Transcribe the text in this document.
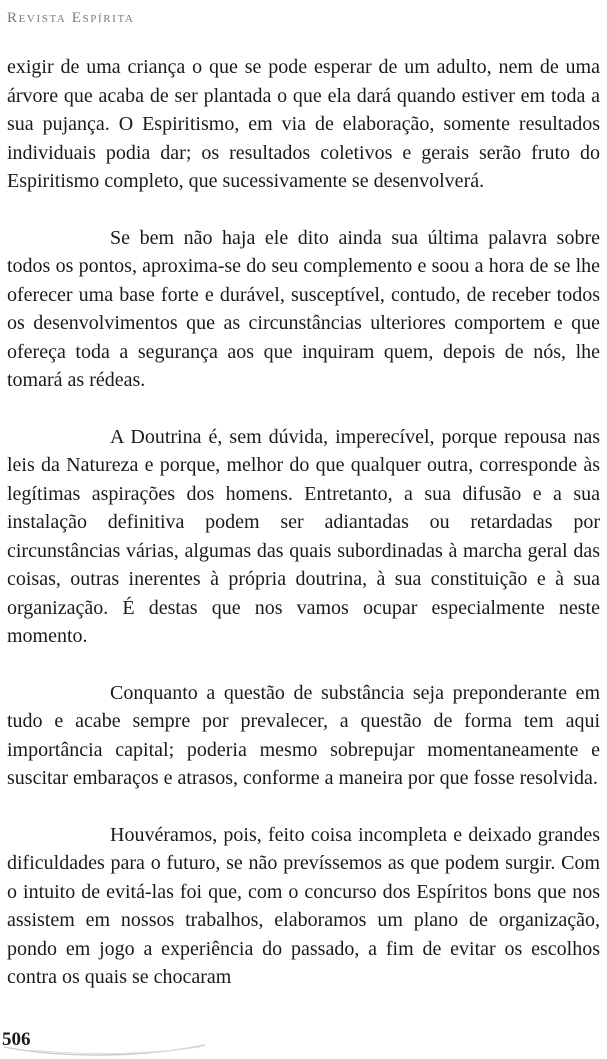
Revista Espírita

exigir de uma criança o que se pode esperar de um adulto, nem de uma árvore que acaba de ser plantada o que ela dará quando estiver em toda a sua pujança. O Espiritismo, em via de elaboração, somente resultados individuais podia dar; os resultados coletivos e gerais serão fruto do Espiritismo completo, que sucessivamente se desenvolverá.

Se bem não haja ele dito ainda sua última palavra sobre todos os pontos, aproxima-se do seu complemento e soou a hora de se lhe oferecer uma base forte e durável, susceptível, contudo, de receber todos os desenvolvimentos que as circunstâncias ulteriores comportem e que ofereça toda a segurança aos que inquiram quem, depois de nós, lhe tomará as rédeas.

A Doutrina é, sem dúvida, imperecível, porque repousa nas leis da Natureza e porque, melhor do que qualquer outra, corresponde às legítimas aspirações dos homens. Entretanto, a sua difusão e a sua instalação definitiva podem ser adiantadas ou retardadas por circunstâncias várias, algumas das quais subordinadas à marcha geral das coisas, outras inerentes à própria doutrina, à sua constituição e à sua organização. É destas que nos vamos ocupar especialmente neste momento.

Conquanto a questão de substância seja preponderante em tudo e acabe sempre por prevalecer, a questão de forma tem aqui importância capital; poderia mesmo sobrepujar momentaneamente e suscitar embaraços e atrasos, conforme a maneira por que fosse resolvida.

Houvéramos, pois, feito coisa incompleta e deixado grandes dificuldades para o futuro, se não prevíssemos as que podem surgir. Com o intuito de evitá-las foi que, com o concurso dos Espíritos bons que nos assistem em nossos trabalhos, elaboramos um plano de organização, pondo em jogo a experiência do passado, a fim de evitar os escolhos contra os quais se chocaram

506
